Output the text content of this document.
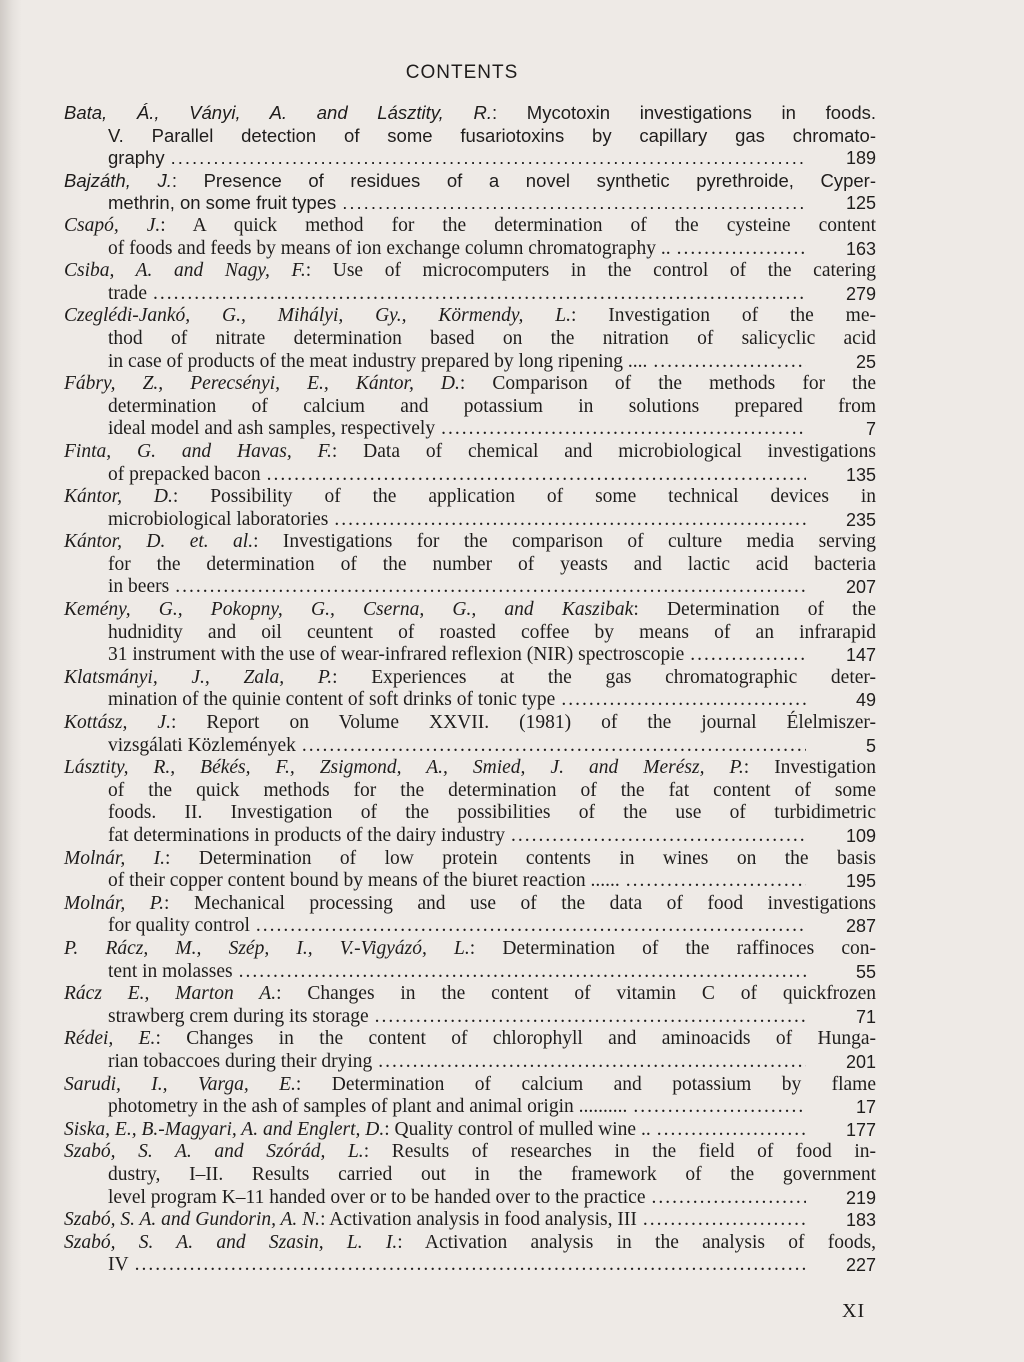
CONTENTS
Bata, Á., Ványi, A. and Lásztity, R.: Mycotoxin investigations in foods.
V. Parallel detection of some fusariotoxins by capillary gas chromato-
graphy .....	189
Bajzáth, J.: Presence of residues of a novel synthetic pyrethroide, Cyper-
methrin, on some fruit types .....	125
Csapó, J.: A quick method for the determination of the cysteine content
of foods and feeds by means of ion exchange column chromatography .. .....	163
Csiba, A. and Nagy, F.: Use of microcomputers in the control of the catering
trade .....	279
Czeglédi-Jankó, G., Mihályi, Gy., Körmendy, L.: Investigation of the me-
thod of nitrate determination based on the nitration of salicyclic acid
in case of products of the meat industry prepared by long ripening .... .....	25
Fábry, Z., Perecsényi, E., Kántor, D.: Comparison of the methods for the
determination of calcium and potassium in solutions prepared from
ideal model and ash samples, respectively .....	7
Finta, G. and Havas, F.: Data of chemical and microbiological investigations
of prepacked bacon .....	135
Kántor, D.: Possibility of the application of some technical devices in
microbiological laboratories .....	235
Kántor, D. et. al.: Investigations for the comparison of culture media serving
for the determination of the number of yeasts and lactic acid bacteria
in beers .....	207
Kemény, G., Pokopny, G., Cserna, G., and Kaszibak: Determination of the
hudnidity and oil ceuntent of roasted coffee by means of an infrarapid
31 instrument with the use of wear-infrared reflexion (NIR) spectroscopie .....	147
Klatsmányi, J., Zala, P.: Experiences at the gas chromatographic deter-
mination of the quinie content of soft drinks of tonic type .....	49
Kottász, J.: Report on Volume XXVII. (1981) of the journal Élelmiszer-
vizsgálati Közlemények .....	5
Lásztity, R., Békés, F., Zsigmond, A., Smied, J. and Merész, P.: Investigation
of the quick methods for the determination of the fat content of some
foods. II. Investigation of the possibilities of the use of turbidimetric
fat determinations in products of the dairy industry .....	109
Molnár, I.: Determination of low protein contents in wines on the basis
of their copper content bound by means of the biuret reaction ...... .....	195
Molnár, P.: Mechanical processing and use of the data of food investigations
for quality control .....	287
P. Rácz, M., Szép, I., V.-Vigyázó, L.: Determination of the raffinoces con-
tent in molasses .....	55
Rácz E., Marton A.: Changes in the content of vitamin C of quickfrozen
strawberg crem during its storage .....	71
Rédei, E.: Changes in the content of chlorophyll and aminoacids of Hunga-
rian tobaccoes during their drying .....	201
Sarudi, I., Varga, E.: Determination of calcium and potassium by flame
photometry in the ash of samples of plant and animal origin .......... .....	17
Siska, E., B.-Magyari, A. and Englert, D.: Quality control of mulled wine .. .....	177
Szabó, S. A. and Szórád, L.: Results of researches in the field of food in-
dustry, I–II. Results carried out in the framework of the government
level program K–11 handed over or to be handed over to the practice .....	219
Szabó, S. A. and Gundorin, A. N.: Activation analysis in food analysis, III .....	183
Szabó, S. A. and Szasin, L. I.: Activation analysis in the analysis of foods,
IV .....	227
XI
